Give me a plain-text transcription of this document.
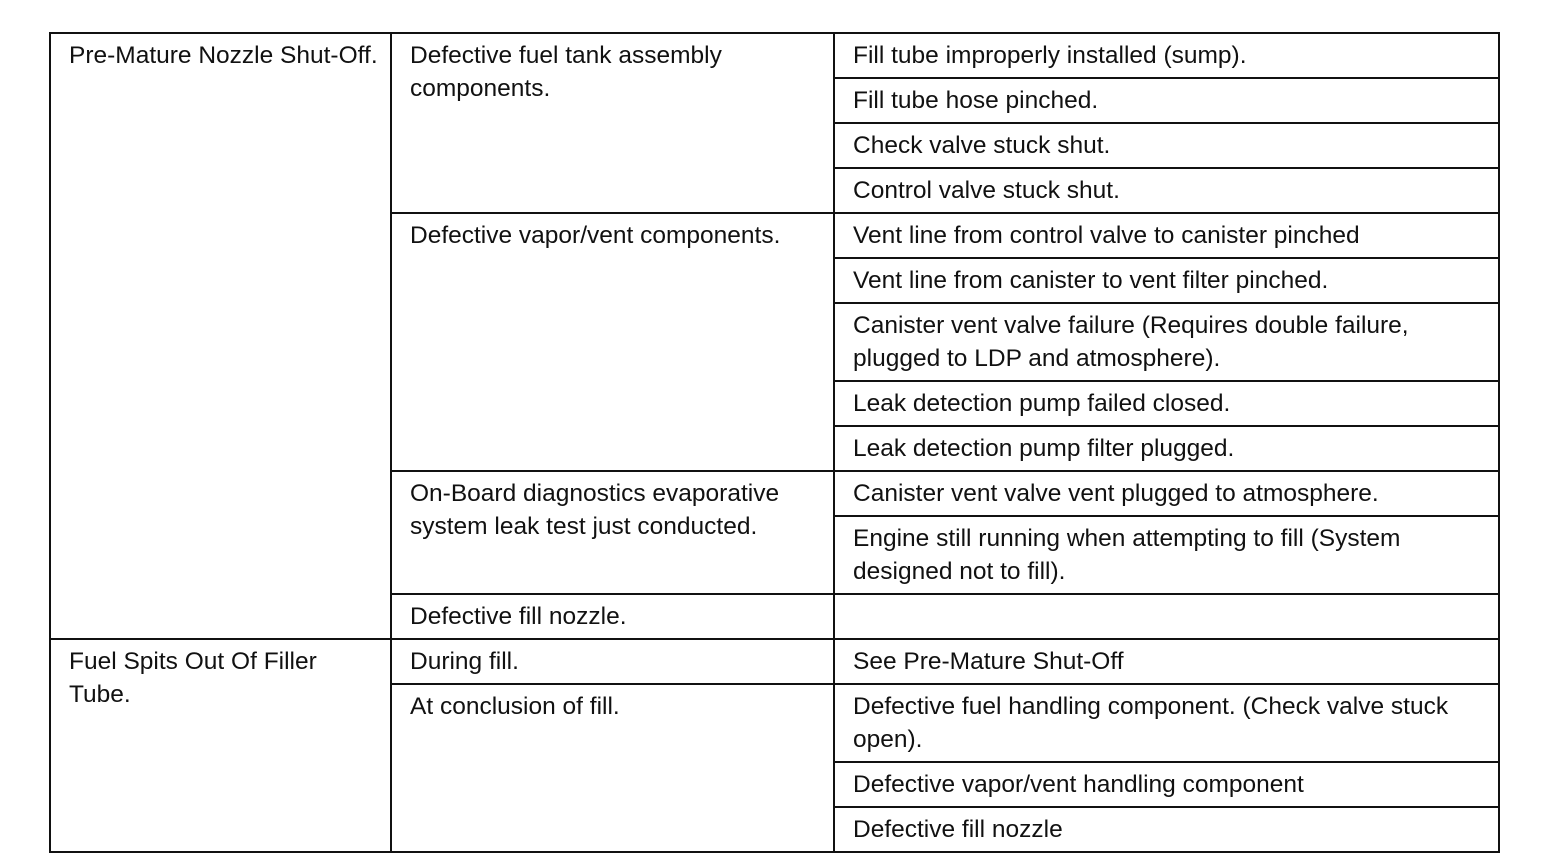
Pre-Mature Nozzle Shut-Off.	Defective fuel tank assembly components.	Fill tube improperly installed (sump).
		Fill tube hose pinched.
		Check valve stuck shut.
		Control valve stuck shut.
	Defective vapor/vent components.	Vent line from control valve to canister pinched
		Vent line from canister to vent filter pinched.
		Canister vent valve failure (Requires double failure, plugged to LDP and atmosphere).
		Leak detection pump failed closed.
		Leak detection pump filter plugged.
	On-Board diagnostics evaporative system leak test just conducted.	Canister vent valve vent plugged to atmosphere.
		Engine still running when attempting to fill (System designed not to fill).
	Defective fill nozzle.	
Fuel Spits Out Of Filler Tube.	During fill.	See Pre-Mature Shut-Off
	At conclusion of fill.	Defective fuel handling component. (Check valve stuck open).
		Defective vapor/vent handling component
		Defective fill nozzle
